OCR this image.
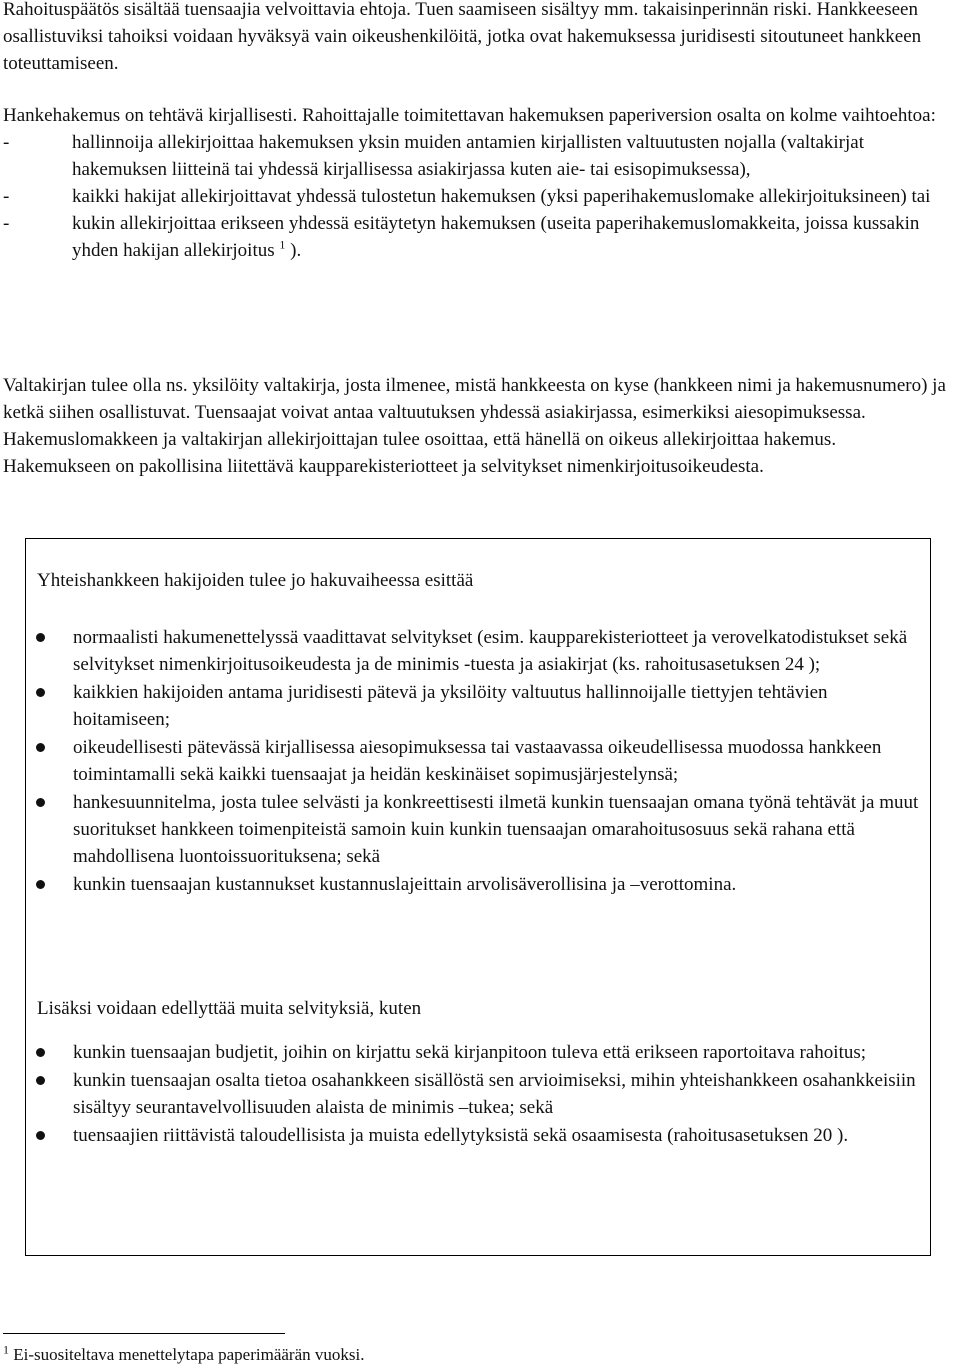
Rahoituspäätös sisältää tuensaajia velvoittavia ehtoja. Tuen saamiseen sisältyy mm. takaisinperinnän riski. Hankkeeseen osallistuviksi tahoiksi voidaan hyväksyä vain oikeushenkilöitä, jotka ovat hakemuksessa juridisesti sitoutuneet hankkeen toteuttamiseen.

Hankehakemus on tehtävä kirjallisesti. Rahoittajalle toimitettavan hakemuksen paperiversion osalta on kolme vaihtoehtoa:
-	hallinnoija allekirjoittaa hakemuksen yksin muiden antamien kirjallisten valtuutusten nojalla (valtakirjat hakemuksen liitteinä tai yhdessä kirjallisessa asiakirjassa kuten aie- tai esisopimuksessa),
-	kaikki hakijat allekirjoittavat yhdessä tulostetun hakemuksen (yksi paperihakemuslomake allekirjoituksineen) tai
-	kukin allekirjoittaa erikseen yhdessä esitäytetyn hakemuksen (useita paperihakemuslomakkeita, joissa kussakin yhden hakijan allekirjoitus $^1$ ).

Valtakirjan tulee olla ns. yksilöity valtakirja, josta ilmenee, mistä hankkeesta on kyse (hankkeen nimi ja hakemusnumero) ja ketkä siihen osallistuvat. Tuensaajat voivat antaa valtuutuksen yhdessä asiakirjassa, esimerkiksi aiesopimuksessa. Hakemuslomakkeen ja valtakirjan allekirjoittajan tulee osoittaa, että hänellä on oikeus allekirjoittaa hakemus. Hakemukseen on pakollisina liitettävä kaupparekisteriotteet ja selvitykset nimenkirjoitusoikeudesta.

Yhteishankkeen hakijoiden tulee jo hakuvaiheessa esittää

normaalisti hakumenettelyssä vaadittavat selvitykset (esim. kaupparekisteriotteet ja verovelkatodistukset sekä selvitykset nimenkirjoitusoikeudesta ja de minimis -tuesta ja asiakirjat (ks. rahoitusasetuksen 24 );
kaikkien hakijoiden antama juridisesti pätevä ja yksilöity valtuutus hallinnoijalle tiettyjen tehtävien hoitamiseen;
oikeudellisesti pätevässä kirjallisessa aiesopimuksessa tai vastaavassa oikeudellisessa muodossa hankkeen toimintamalli sekä kaikki tuensaajat ja heidän keskinäiset sopimusjärjestelynsä;
hankesuunnitelma, josta tulee selvästi ja konkreettisesti ilmetä kunkin tuensaajan omana työnä tehtävät ja muut suoritukset hankkeen toimenpiteistä samoin kuin kunkin tuensaajan omarahoitusosuus sekä rahana että mahdollisena luontoissuorituksena; sekä
kunkin tuensaajan kustannukset kustannuslajeittain arvolisäverollisina ja –verottomina.

Lisäksi voidaan edellyttää muita selvityksiä, kuten

kunkin tuensaajan budjetit, joihin on kirjattu sekä kirjanpitoon tuleva että erikseen raportoitava rahoitus;
kunkin tuensaajan osalta tietoa osahankkeen sisällöstä sen arvioimiseksi, mihin yhteishankkeen osahankkeisiin sisältyy seurantavelvollisuuden alaista de minimis –tukea; sekä
tuensaajien riittävistä taloudellisista ja muista edellytyksistä sekä osaamisesta (rahoitusasetuksen 20 ).

$^1$ Ei-suositeltava menettelytapa paperimäärän vuoksi.
